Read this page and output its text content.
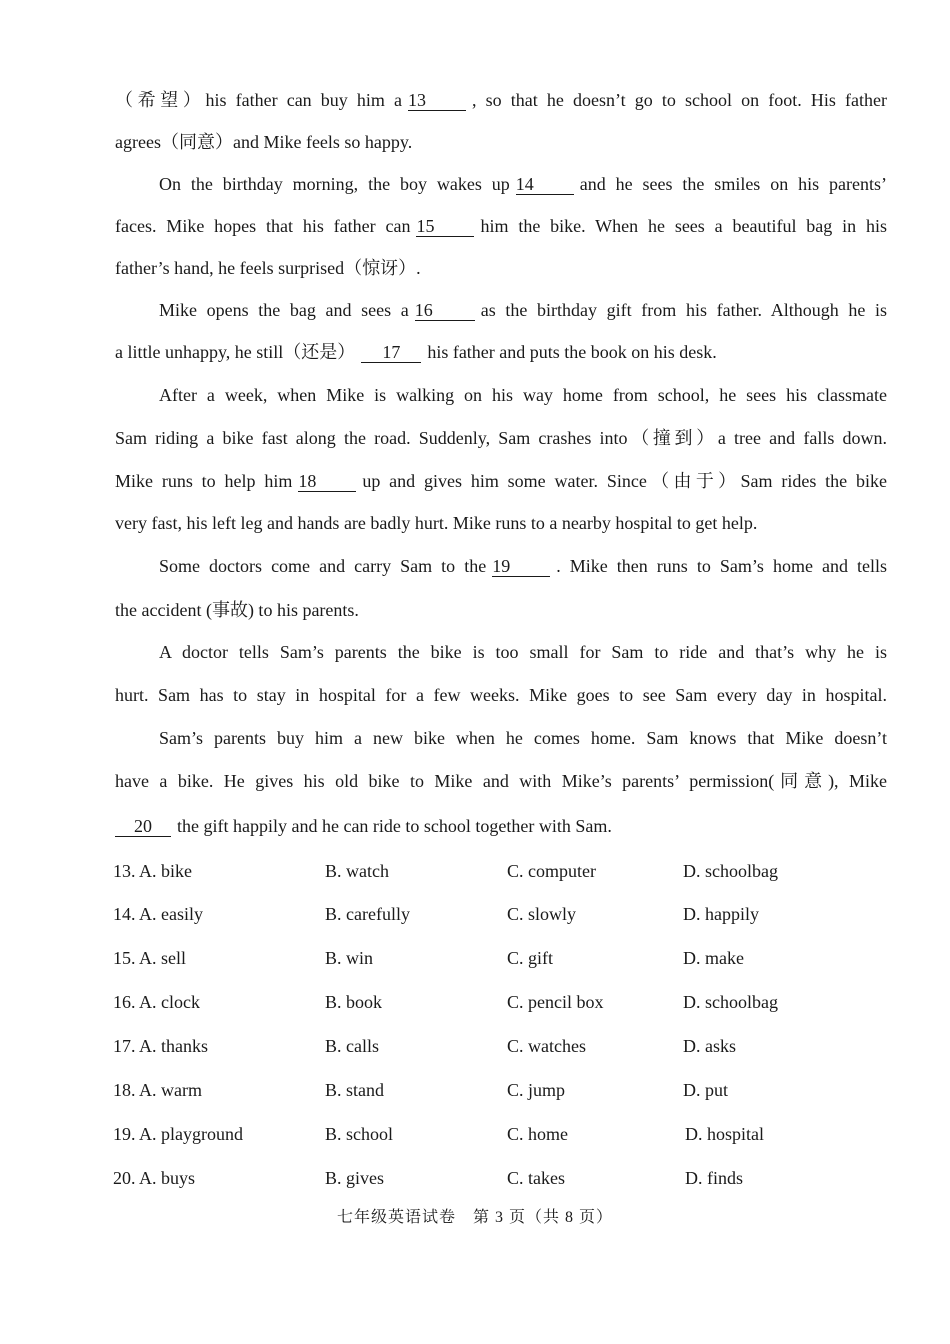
（希望）his father can buy him a 13	, so that he doesn’t go to school on foot. His father
agrees（同意）and Mike feels so happy.
On the birthday morning, the boy wakes up 14	and he sees the smiles on his parents’
faces. Mike hopes that his father can 15	him the bike. When he sees a beautiful bag in his
father’s hand, he feels surprised（惊讶）.
Mike opens the bag and sees a 16	as the birthday gift from his father. Although he is
a little unhappy, he still（还是） 17 his father and puts the book on his desk.
After a week, when Mike is walking on his way home from school, he sees his classmate
Sam riding a bike fast along the road. Suddenly, Sam crashes into（撞到）a tree and falls down.
Mike runs to help him 18	up and gives him some water. Since（由于）Sam rides the bike
very fast, his left leg and hands are badly hurt. Mike runs to a nearby hospital to get help.
Some doctors come and carry Sam to the 19	. Mike then runs to Sam’s home and tells
the accident (事故) to his parents.
A doctor tells Sam’s parents the bike is too small for Sam to ride and that’s why he is
hurt. Sam has to stay in hospital for a few weeks. Mike goes to see Sam every day in hospital.
Sam’s parents buy him a new bike when he comes home. Sam knows that Mike doesn’t
have a bike. He gives his old bike to Mike and with Mike’s parents’ permission(同意), Mike
20 the gift happily and he can ride to school together with Sam.
13. A. bike	B. watch	C. computer	D. schoolbag
14. A. easily	B. carefully	C. slowly	D. happily
15. A. sell	B. win	C. gift	D. make
16. A. clock	B. book	C. pencil box	D. schoolbag
17. A. thanks	B. calls	C. watches	D. asks
18. A. warm	B. stand	C. jump	D. put
19. A. playground	B. school	C. home	D. hospital
20. A. buys	B. gives	C. takes	D. finds
七年级英语试卷　第 3 页（共 8 页）
